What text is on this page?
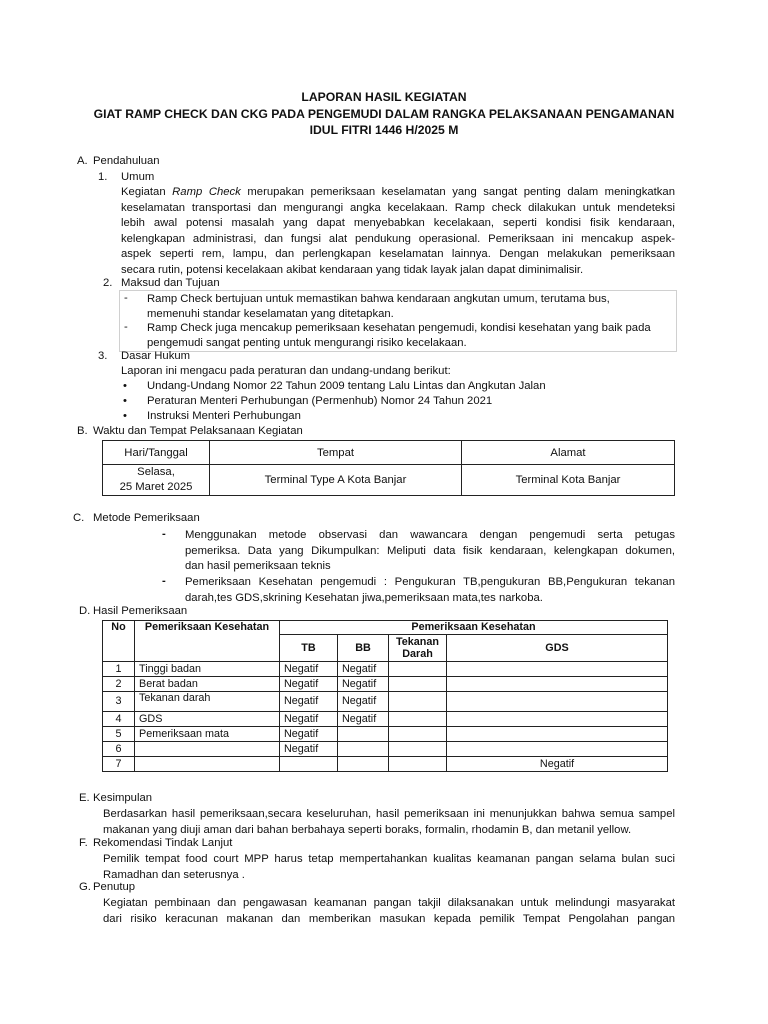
LAPORAN HASIL KEGIATAN
GIAT RAMP CHECK DAN CKG PADA PENGEMUDI DALAM RANGKA PELAKSANAAN PENGAMANAN
IDUL FITRI 1446 H/2025 M
A. Pendahuluan
1. Umum
Kegiatan Ramp Check merupakan pemeriksaan keselamatan yang sangat penting dalam meningkatkan
keselamatan transportasi dan mengurangi angka kecelakaan. Ramp check dilakukan untuk mendeteksi
lebih awal potensi masalah yang dapat menyebabkan kecelakaan, seperti kondisi fisik kendaraan,
kelengkapan administrasi, dan fungsi alat pendukung operasional. Pemeriksaan ini mencakup aspek-
aspek seperti rem, lampu, dan perlengkapan keselamatan lainnya. Dengan melakukan pemeriksaan
secara rutin, potensi kecelakaan akibat kendaraan yang tidak layak jalan dapat diminimalisir.
2. Maksud dan Tujuan
- Ramp Check bertujuan untuk memastikan bahwa kendaraan angkutan umum, terutama bus,
memenuhi standar keselamatan yang ditetapkan.
- Ramp Check juga mencakup pemeriksaan kesehatan pengemudi, kondisi kesehatan yang baik pada
pengemudi sangat penting untuk mengurangi risiko kecelakaan.
3. Dasar Hukum
Laporan ini mengacu pada peraturan dan undang-undang berikut:
• Undang-Undang Nomor 22 Tahun 2009 tentang Lalu Lintas dan Angkutan Jalan
• Peraturan Menteri Perhubungan (Permenhub) Nomor 24 Tahun 2021
• Instruksi Menteri Perhubungan
B. Waktu dan Tempat Pelaksanaan Kegiatan
Hari/Tanggal	Tempat	Alamat

Selasa,
25 Maret 2025	Terminal Type A Kota Banjar	Terminal Kota Banjar
C. Metode Pemeriksaan
- Menggunakan metode observasi dan wawancara dengan pengemudi serta petugas
pemeriksa. Data yang Dikumpulkan: Meliputi data fisik kendaraan, kelengkapan dokumen,
dan hasil pemeriksaan teknis
- Pemeriksaan Kesehatan pengemudi : Pengukuran TB,pengukuran BB,Pengukuran tekanan
darah,tes GDS,skrining Kesehatan jiwa,pemeriksaan mata,tes narkoba.
D. Hasil Pemeriksaan
No	Pemeriksaan Kesehatan	Pemeriksaan Kesehatan			
		TB	BB	Tekanan
Darah	GDS
1	Tinggi badan	Negatif	Negatif		
2	Berat badan	Negatif	Negatif		
3	Tekanan darah	Negatif	Negatif		
4	GDS	Negatif	Negatif		
5	Pemeriksaan mata	Negatif			
6		Negatif			
7					Negatif
E. Kesimpulan
Berdasarkan hasil pemeriksaan,secara keseluruhan, hasil pemeriksaan ini menunjukkan bahwa semua sampel
makanan yang diuji aman dari bahan berbahaya seperti boraks, formalin, rhodamin B, dan metanil yellow.
F. Rekomendasi Tindak Lanjut
Pemilik tempat food court MPP harus tetap mempertahankan kualitas keamanan pangan selama bulan suci
Ramadhan dan seterusnya .
G. Penutup
Kegiatan pembinaan dan pengawasan keamanan pangan takjil dilaksanakan untuk melindungi masyarakat
dari risiko keracunan makanan dan memberikan masukan kepada pemilik Tempat Pengolahan pangan
